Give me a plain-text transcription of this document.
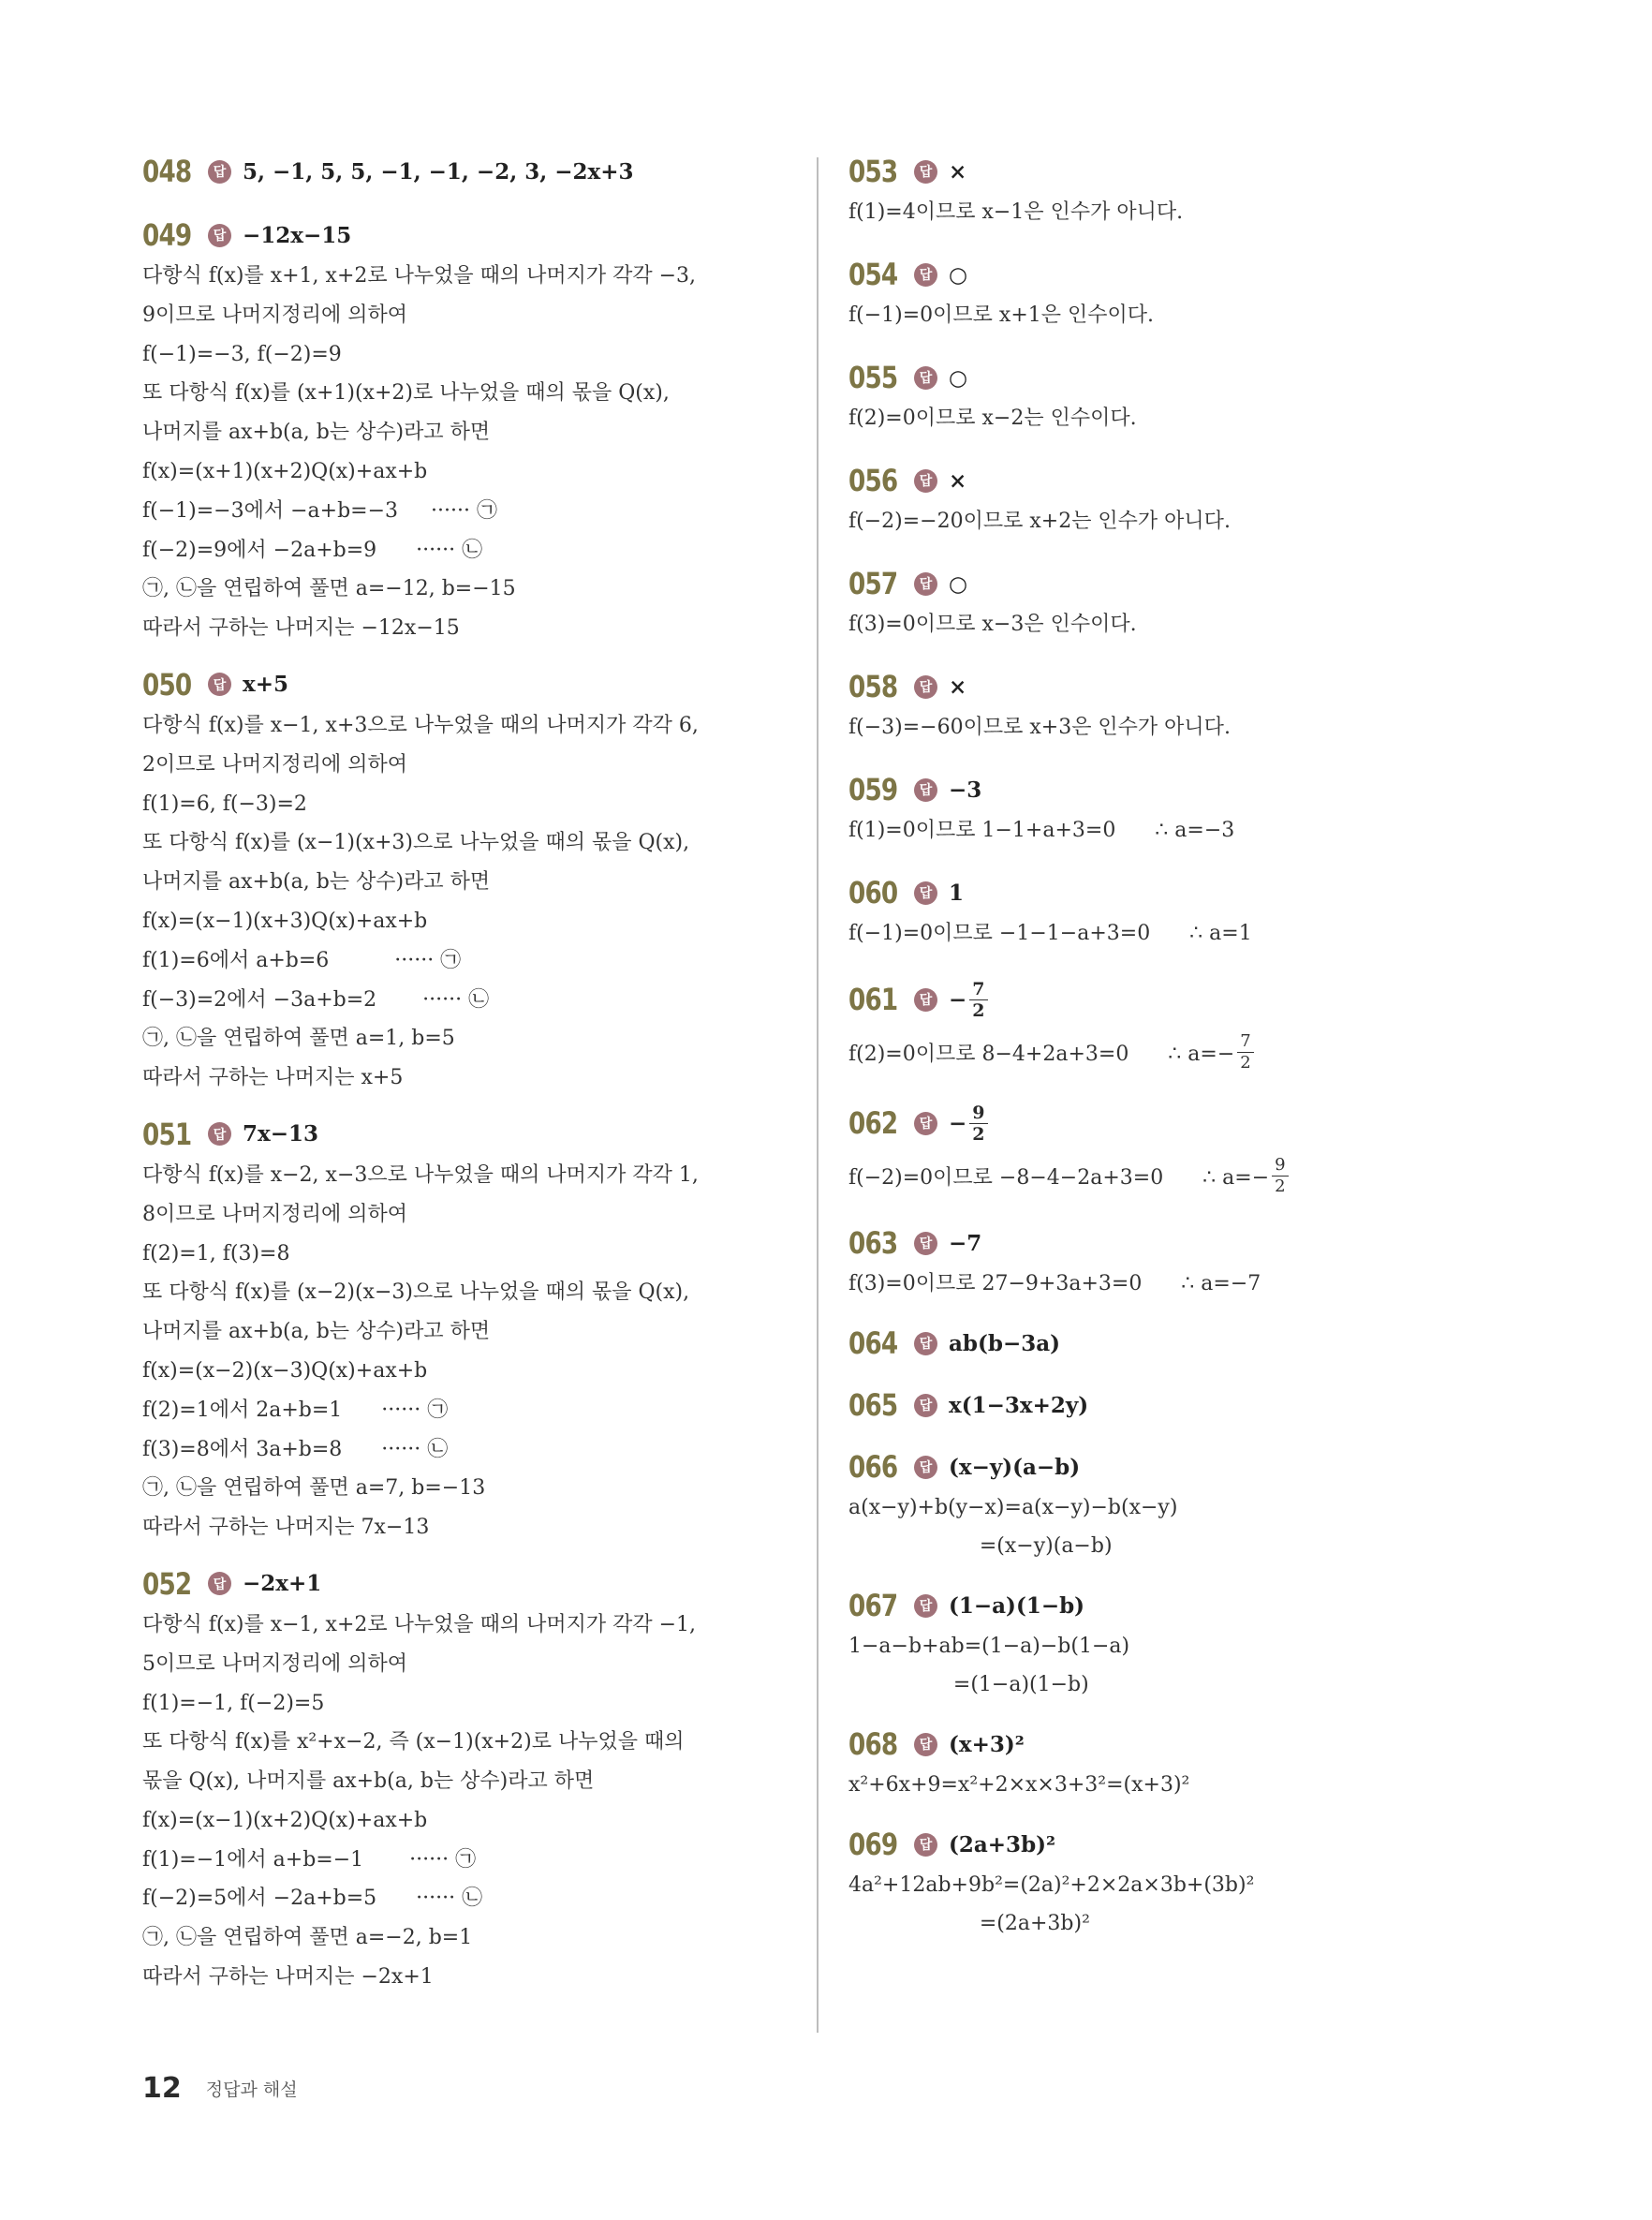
048	답 5, −1, 5, 5, −1, −1, −2, 3, −2x+3
049	답 −12x−15
다항식 f(x)를 x+1, x+2로 나누었을 때의 나머지가 각각 −3,
9이므로 나머지정리에 의하여
f(−1)=−3, f(−2)=9
또 다항식 f(x)를 (x+1)(x+2)로 나누었을 때의 몫을 Q(x),
나머지를 ax+b(a, b는 상수)라고 하면
f(x)=(x+1)(x+2)Q(x)+ax+b
f(−1)=−3에서 −a+b=−3     ······ ㉠
f(−2)=9에서 −2a+b=9      ······ ㉡
㉠, ㉡을 연립하여 풀면 a=−12, b=−15
따라서 구하는 나머지는 −12x−15
050	답 x+5
다항식 f(x)를 x−1, x+3으로 나누었을 때의 나머지가 각각 6,
2이므로 나머지정리에 의하여
f(1)=6, f(−3)=2
또 다항식 f(x)를 (x−1)(x+3)으로 나누었을 때의 몫을 Q(x),
나머지를 ax+b(a, b는 상수)라고 하면
f(x)=(x−1)(x+3)Q(x)+ax+b
f(1)=6에서 a+b=6          ······ ㉠
f(−3)=2에서 −3a+b=2       ······ ㉡
㉠, ㉡을 연립하여 풀면 a=1, b=5
따라서 구하는 나머지는 x+5
051	답 7x−13
다항식 f(x)를 x−2, x−3으로 나누었을 때의 나머지가 각각 1,
8이므로 나머지정리에 의하여
f(2)=1, f(3)=8
또 다항식 f(x)를 (x−2)(x−3)으로 나누었을 때의 몫을 Q(x),
나머지를 ax+b(a, b는 상수)라고 하면
f(x)=(x−2)(x−3)Q(x)+ax+b
f(2)=1에서 2a+b=1      ······ ㉠
f(3)=8에서 3a+b=8      ······ ㉡
㉠, ㉡을 연립하여 풀면 a=7, b=−13
따라서 구하는 나머지는 7x−13
052	답 −2x+1
다항식 f(x)를 x−1, x+2로 나누었을 때의 나머지가 각각 −1,
5이므로 나머지정리에 의하여
f(1)=−1, f(−2)=5
또 다항식 f(x)를 x²+x−2, 즉 (x−1)(x+2)로 나누었을 때의
몫을 Q(x), 나머지를 ax+b(a, b는 상수)라고 하면
f(x)=(x−1)(x+2)Q(x)+ax+b
f(1)=−1에서 a+b=−1       ······ ㉠
f(−2)=5에서 −2a+b=5      ······ ㉡
㉠, ㉡을 연립하여 풀면 a=−2, b=1
따라서 구하는 나머지는 −2x+1
053	답 ×
f(1)=4이므로 x−1은 인수가 아니다.
054	답 ○
f(−1)=0이므로 x+1은 인수이다.
055	답 ○
f(2)=0이므로 x−2는 인수이다.
056	답 ×
f(−2)=−20이므로 x+2는 인수가 아니다.
057	답 ○
f(3)=0이므로 x−3은 인수이다.
058	답 ×
f(−3)=−60이므로 x+3은 인수가 아니다.
059	답 −3
f(1)=0이므로 1−1+a+3=0      ∴ a=−3
060	답 1
f(−1)=0이므로 −1−1−a+3=0      ∴ a=1
061	답 − $\frac{7}{2}$
f(2)=0이므로 8−4+2a+3=0      ∴ $a=- \frac{7}{2}$
062	답 − $\frac{9}{2}$
f(−2)=0이므로 −8−4−2a+3=0      ∴ $a=- \frac{9}{2}$
063	답 −7
f(3)=0이므로 27−9+3a+3=0      ∴ a=−7
064	답 ab(b−3a)
065	답 x(1−3x+2y)
066	답 (x−y)(a−b)
a(x−y)+b(y−x)=a(x−y)−b(x−y)
=(x−y)(a−b)
067	답 (1−a)(1−b)
1−a−b+ab=(1−a)−b(1−a)
=(1−a)(1−b)
068	답 (x+3)²
x²+6x+9=x²+2×x×3+3²=(x+3)²
069	답 (2a+3b)²
4a²+12ab+9b²=(2a)²+2×2a×3b+(3b)²
=(2a+3b)²
12 정답과 해설
